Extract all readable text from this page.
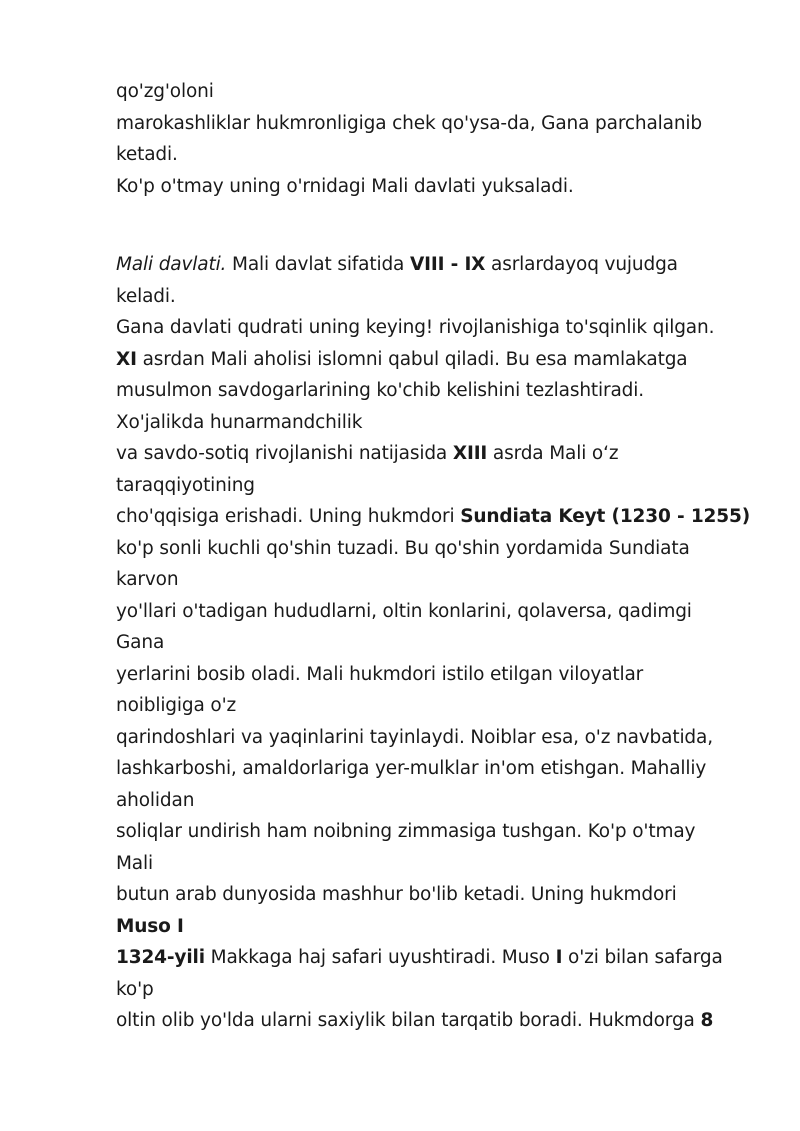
qo'zg'oloni
marokashliklar hukmronligiga chek qo'ysa-da, Gana parchalanib
ketadi.
Ko'p o'tmay uning o'rnidagi Mali davlati yuksaladi.
Mali davlati. Mali davlat sifatida VIII - IX asrlardayoq vujudga
keladi.
Gana davlati qudrati uning keying! rivojlanishiga to'sqinlik qilgan.
XI asrdan Mali aholisi islomni qabul qiladi. Bu esa mamlakatga
musulmon savdogarlarining ko'chib kelishini tezlashtiradi.
Xo'jalikda hunarmandchilik
va savdo-sotiq rivojlanishi natijasida XIII asrda Mali o‘z
taraqqiyotining
cho'qqisiga erishadi. Uning hukmdori Sundiata Keyt (1230 - 1255)
ko'p sonli kuchli qo'shin tuzadi. Bu qo'shin yordamida Sundiata
karvon
yo'llari o'tadigan hududlarni, oltin konlarini, qolaversa, qadimgi
Gana
yerlarini bosib oladi. Mali hukmdori istilo etilgan viloyatlar
noibligiga o'z
qarindoshlari va yaqinlarini tayinlaydi. Noiblar esa, o'z navbatida,
lashkarboshi, amaldorlariga yer-mulklar in'om etishgan. Mahalliy
aholidan
soliqlar undirish ham noibning zimmasiga tushgan. Ko'p o'tmay
Mali
butun arab dunyosida mashhur bo'lib ketadi. Uning hukmdori
Muso I
1324-yili Makkaga haj safari uyushtiradi. Muso I o'zi bilan safarga
ko'p
oltin olib yo'lda ularni saxiylik bilan tarqatib boradi. Hukmdorga 8
